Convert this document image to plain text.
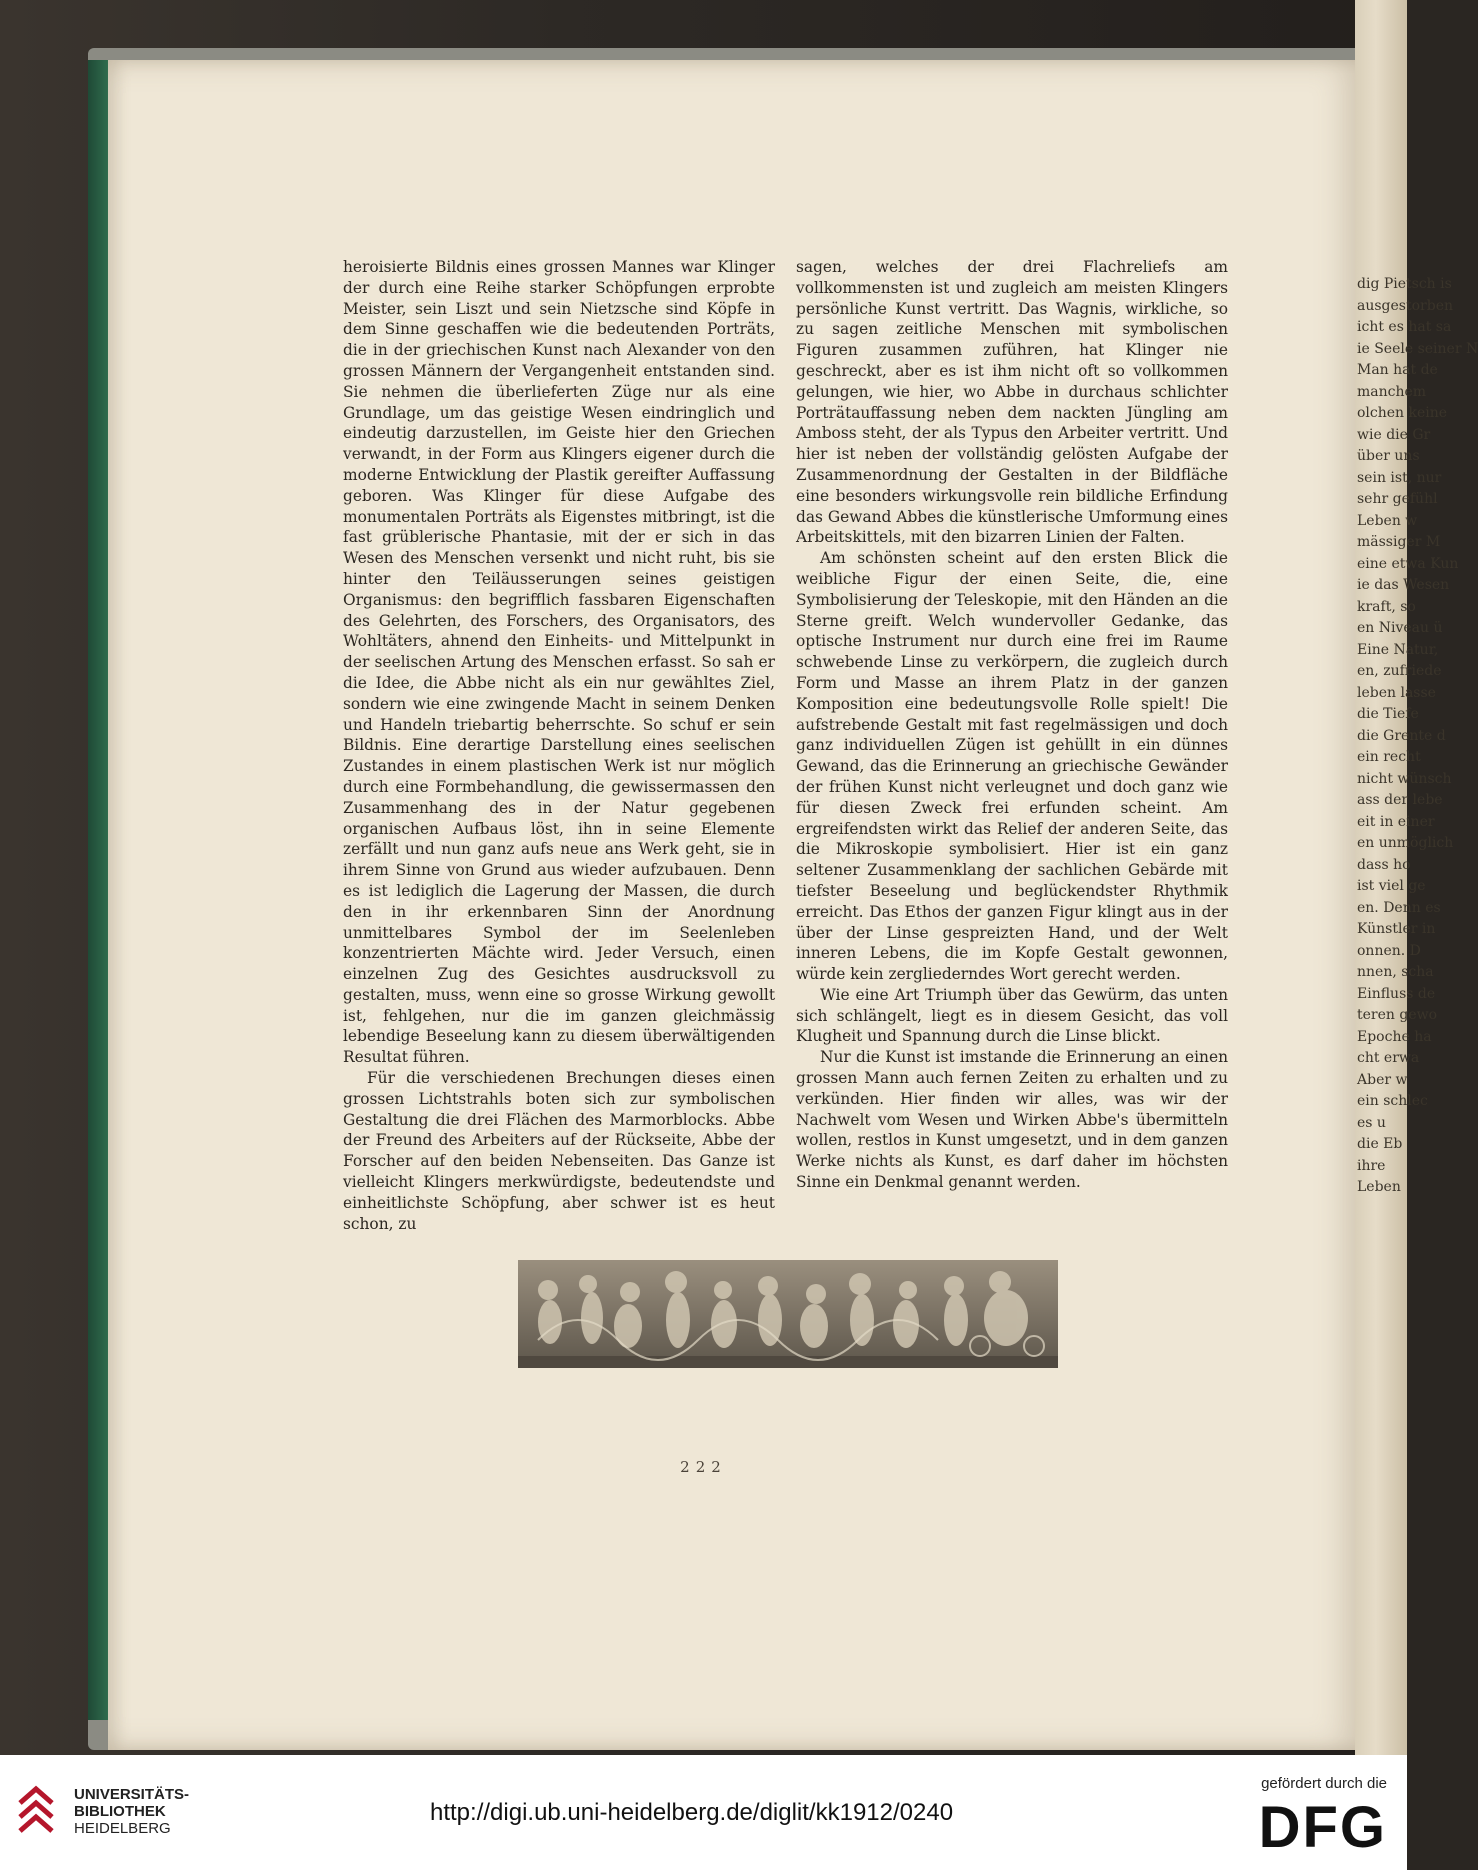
dig Pietsch is
ausgestorben
icht es hat sa
ie Seele seiner N
Man hat de
manchem
olchen keine
wie die Gr
über uns
sein ist, nur
sehr gefühl
Leben w
mässiger M
eine etwa Kun
ie das Wesen
kraft, so
en Niveau ü
Eine Natur,
en, zufriede
leben lasse
die Tiefe
die Grente d
ein recht
nicht wünsch
ass der lebe
eit in einer
en unmöglich
dass ho
ist viel ge
en. Denn es
Künstler in
onnen. D
nnen, scha
Einfluss de
teren gewo
Epoche ha
cht erwa
Aber w
ein schlec
es u
die Eb
ihre
Leben

heroisierte Bildnis eines grossen Mannes war Klinger der durch eine Reihe starker Schöpfungen erprobte Meister, sein Liszt und sein Nietzsche sind Köpfe in dem Sinne geschaffen wie die bedeutenden Porträts, die in der griechischen Kunst nach Alexander von den grossen Männern der Vergangenheit entstanden sind. Sie nehmen die überlieferten Züge nur als eine Grundlage, um das geistige Wesen eindringlich und eindeutig darzustellen, im Geiste hier den Griechen verwandt, in der Form aus Klingers eigener durch die moderne Entwicklung der Plastik gereifter Auffassung geboren. Was Klinger für diese Aufgabe des monumentalen Porträts als Eigenstes mitbringt, ist die fast grüblerische Phantasie, mit der er sich in das Wesen des Menschen versenkt und nicht ruht, bis sie hinter den Teiläusserungen seines geistigen Organismus: den begrifflich fassbaren Eigenschaften des Gelehrten, des Forschers, des Organisators, des Wohltäters, ahnend den Einheits- und Mittelpunkt in der seelischen Artung des Menschen erfasst. So sah er die Idee, die Abbe nicht als ein nur gewähltes Ziel, sondern wie eine zwingende Macht in seinem Denken und Handeln triebartig beherrschte. So schuf er sein Bildnis. Eine derartige Darstellung eines seelischen Zustandes in einem plastischen Werk ist nur möglich durch eine Formbehandlung, die gewissermassen den Zusammenhang des in der Natur gegebenen organischen Aufbaus löst, ihn in seine Elemente zerfällt und nun ganz aufs neue ans Werk geht, sie in ihrem Sinne von Grund aus wieder aufzubauen. Denn es ist lediglich die Lagerung der Massen, die durch den in ihr erkennbaren Sinn der Anordnung unmittelbares Symbol der im Seelenleben konzentrierten Mächte wird. Jeder Versuch, einen einzelnen Zug des Gesichtes ausdrucksvoll zu gestalten, muss, wenn eine so grosse Wirkung gewollt ist, fehlgehen, nur die im ganzen gleichmässig lebendige Beseelung kann zu diesem überwältigenden Resultat führen.

Für die verschiedenen Brechungen dieses einen grossen Lichtstrahls boten sich zur symbolischen Gestaltung die drei Flächen des Marmorblocks. Abbe der Freund des Arbeiters auf der Rückseite, Abbe der Forscher auf den beiden Nebenseiten. Das Ganze ist vielleicht Klingers merkwürdigste, bedeutendste und einheitlichste Schöpfung, aber schwer ist es heut schon, zu

sagen, welches der drei Flachreliefs am vollkommensten ist und zugleich am meisten Klingers persönliche Kunst vertritt. Das Wagnis, wirkliche, so zu sagen zeitliche Menschen mit symbolischen Figuren zusammen zuführen, hat Klinger nie geschreckt, aber es ist ihm nicht oft so vollkommen gelungen, wie hier, wo Abbe in durchaus schlichter Porträtauffassung neben dem nackten Jüngling am Amboss steht, der als Typus den Arbeiter vertritt. Und hier ist neben der vollständig gelösten Aufgabe der Zusammenordnung der Gestalten in der Bildfläche eine besonders wirkungsvolle rein bildliche Erfindung das Gewand Abbes die künstlerische Umformung eines Arbeitskittels, mit den bizarren Linien der Falten.

Am schönsten scheint auf den ersten Blick die weibliche Figur der einen Seite, die, eine Symbolisierung der Teleskopie, mit den Händen an die Sterne greift. Welch wundervoller Gedanke, das optische Instrument nur durch eine frei im Raume schwebende Linse zu verkörpern, die zugleich durch Form und Masse an ihrem Platz in der ganzen Komposition eine bedeutungsvolle Rolle spielt! Die aufstrebende Gestalt mit fast regelmässigen und doch ganz individuellen Zügen ist gehüllt in ein dünnes Gewand, das die Erinnerung an griechische Gewänder der frühen Kunst nicht verleugnet und doch ganz wie für diesen Zweck frei erfunden scheint. Am ergreifendsten wirkt das Relief der anderen Seite, das die Mikroskopie symbolisiert. Hier ist ein ganz seltener Zusammenklang der sachlichen Gebärde mit tiefster Beseelung und beglückendster Rhythmik erreicht. Das Ethos der ganzen Figur klingt aus in der über der Linse gespreizten Hand, und der Welt inneren Lebens, die im Kopfe Gestalt gewonnen, würde kein zergliederndes Wort gerecht werden.

Wie eine Art Triumph über das Gewürm, das unten sich schlängelt, liegt es in diesem Gesicht, das voll Klugheit und Spannung durch die Linse blickt.

Nur die Kunst ist imstande die Erinnerung an einen grossen Mann auch fernen Zeiten zu erhalten und zu verkünden. Hier finden wir alles, was wir der Nachwelt vom Wesen und Wirken Abbe's übermitteln wollen, restlos in Kunst umgesetzt, und in dem ganzen Werke nichts als Kunst, es darf daher im höchsten Sinne ein Denkmal genannt werden.

222
UNIVERSITÄTS-
BIBLIOTHEK
HEIDELBERG
http://digi.ub.uni-heidelberg.de/diglit/kk1912/0240
gefördert durch die
DFG
